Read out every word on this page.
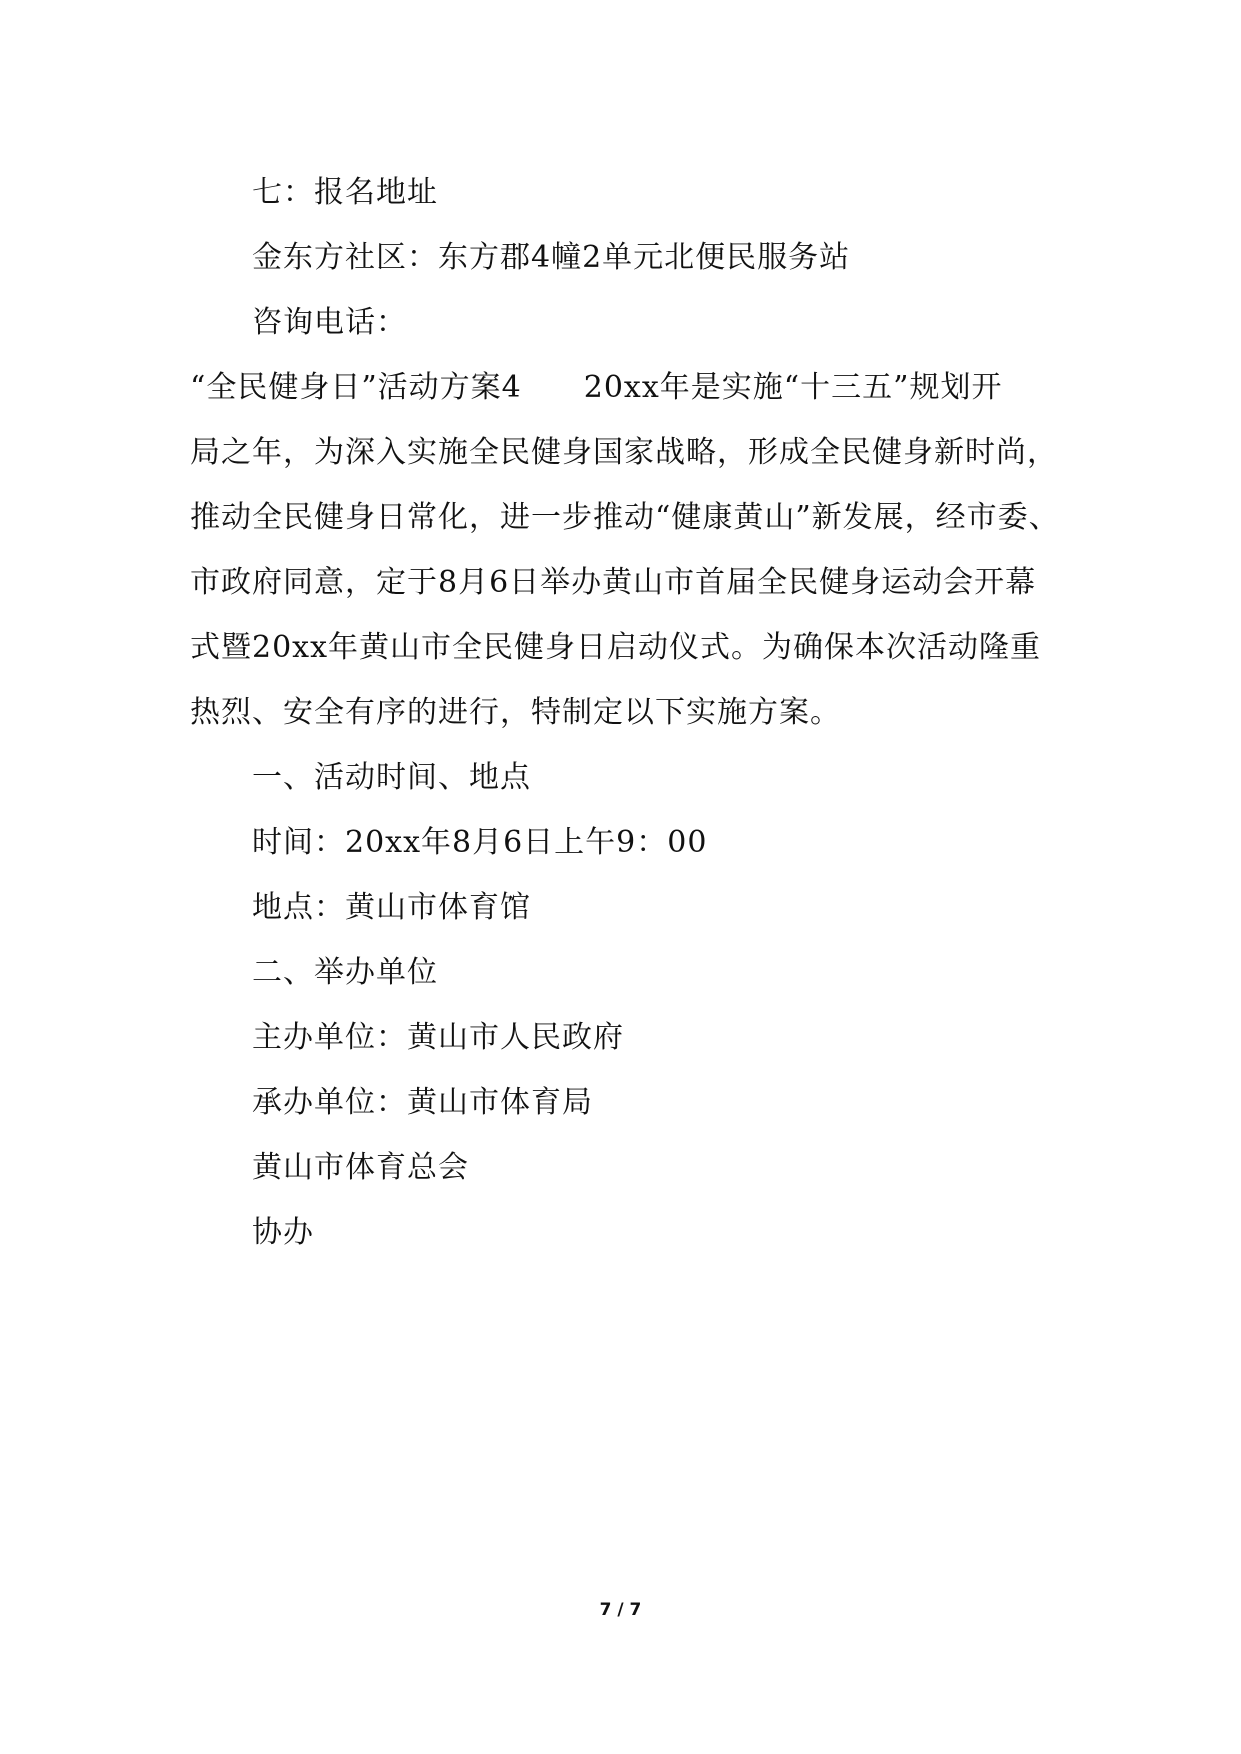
七：报名地址
金东方社区：东方郡4幢2单元北便民服务站
咨询电话：
“全民健身日”活动方案4　　20xx年是实施“十三五”规划开
局之年，为深入实施全民健身国家战略，形成全民健身新时尚，
推动全民健身日常化，进一步推动“健康黄山”新发展，经市委、
市政府同意，定于8月6日举办黄山市首届全民健身运动会开幕
式暨20xx年黄山市全民健身日启动仪式。为确保本次活动隆重
热烈、安全有序的进行，特制定以下实施方案。
一、活动时间、地点
时间：20xx年8月6日上午9：00
地点：黄山市体育馆
二、举办单位
主办单位：黄山市人民政府
承办单位：黄山市体育局
黄山市体育总会
协办
7 / 7
